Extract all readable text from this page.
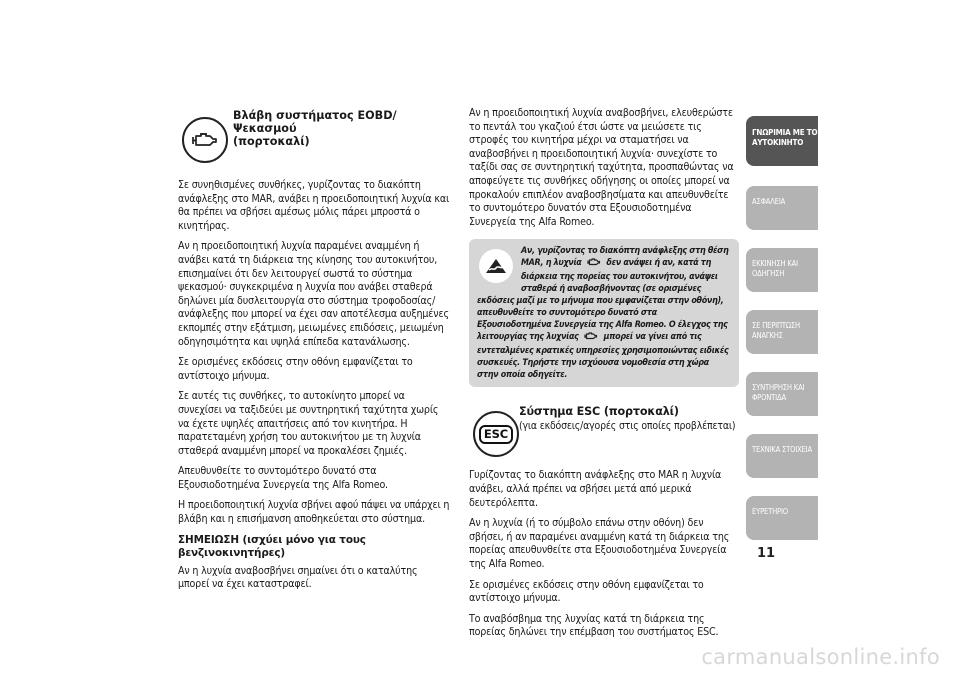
Βλάβη συστήματος EOBD/Ψεκασμού
(πορτοκαλί)

Σε συνηθισμένες συνθήκες, γυρίζοντας το διακόπτη ανάφλεξης στο MAR, ανάβει η προειδοποιητική λυχνία και θα πρέπει να σβήσει αμέσως μόλις πάρει μπροστά ο κινητήρας.

Αν η προειδοποιητική λυχνία παραμένει αναμμένη ή ανάβει κατά τη διάρκεια της κίνησης του αυτοκινήτου, επισημαίνει ότι δεν λειτουργεί σωστά το σύστημα ψεκασμού· συγκεκριμένα η λυχνία που ανάβει σταθερά δηλώνει μία δυσλειτουργία στο σύστημα τροφοδοσίας/ ανάφλεξης που μπορεί να έχει σαν αποτέλεσμα αυξημένες εκπομπές στην εξάτμιση, μειωμένες επιδόσεις, μειωμένη οδηγησιμότητα και υψηλά επίπεδα κατανάλωσης.

Σε ορισμένες εκδόσεις στην οθόνη εμφανίζεται το αντίστοιχο μήνυμα.

Σε αυτές τις συνθήκες, το αυτοκίνητο μπορεί να συνεχίσει να ταξιδεύει με συντηρητική ταχύτητα χωρίς να έχετε υψηλές απαιτήσεις από τον κινητήρα. Η παρατεταμένη χρήση του αυτοκινήτου με τη λυχνία σταθερά αναμμένη μπορεί να προκαλέσει ζημιές.

Απευθυνθείτε το συντομότερο δυνατό στα Εξουσιοδοτημένα Συνεργεία της Alfa Romeo.

Η προειδοποιητική λυχνία σβήνει αφού πάψει να υπάρχει η βλάβη και η επισήμανση αποθηκεύεται στο σύστημα.

ΣΗΜΕΙΩΣΗ (ισχύει μόνο για τους βενζινοκινητήρες)

Αν η λυχνία αναβοσβήνει σημαίνει ότι ο καταλύτης μπορεί να έχει καταστραφεί.

Αν η προειδοποιητική λυχνία αναβοσβήνει, ελευθερώστε το πεντάλ του γκαζιού έτσι ώστε να μειώσετε τις στροφές του κινητήρα μέχρι να σταματήσει να αναβοσβήνει η προειδοποιητική λυχνία· συνεχίστε το ταξίδι σας σε συντηρητική ταχύτητα, προσπαθώντας να αποφεύγετε τις συνθήκες οδήγησης οι οποίες μπορεί να προκαλούν επιπλέον αναβοσβησίματα και απευθυνθείτε το συντομότερο δυνατόν στα Εξουσιοδοτημένα Συνεργεία της Alfa Romeo.

Αν, γυρίζοντας το διακόπτη ανάφλεξης στη θέση MAR, η λυχνία	δεν ανάψει ή αν, κατά τη διάρκεια της πορείας του αυτοκινήτου, ανάψει σταθερά ή αναβοσβήνοντας (σε ορισμένες εκδόσεις μαζί με το μήνυμα που εμφανίζεται στην οθόνη), απευθυνθείτε το συντομότερο δυνατό στα Εξουσιοδοτημένα Συνεργεία της Alfa Romeo. Ο έλεγχος της λειτουργίας της λυχνίας	μπορεί να γίνει από τις εντεταλμένες κρατικές υπηρεσίες χρησιμοποιώντας ειδικές συσκευές. Τηρήστε την ισχύουσα νομοθεσία στη χώρα στην οποία οδηγείτε.
ESC
Σύστημα ESC (πορτοκαλί)
(για εκδόσεις/αγορές στις οποίες προβλέπεται)

Γυρίζοντας το διακόπτη ανάφλεξης στο MAR η λυχνία ανάβει, αλλά πρέπει να σβήσει μετά από μερικά δευτερόλεπτα.

Αν η λυχνία (ή το σύμβολο επάνω στην οθόνη) δεν σβήσει, ή αν παραμένει αναμμένη κατά τη διάρκεια της πορείας απευθυνθείτε στα Εξουσιοδοτημένα Συνεργεία της Alfa Romeo.

Σε ορισμένες εκδόσεις στην οθόνη εμφανίζεται το αντίστοιχο μήνυμα.

Το αναβόσβημα της λυχνίας κατά τη διάρκεια της πορείας δηλώνει την επέμβαση του συστήματος ESC.

ΓΝΩΡΙΜΙΑ ΜΕ ΤΟ
ΑΥΤΟΚΙΝΗΤΟ
ΑΣΦΑΛΕΙΑ
ΕΚΚΙΝΗΣΗ ΚΑΙ
ΟΔΗΓΗΣΗ
ΣΕ ΠΕΡΙΠΤΩΣΗ
ΑΝΑΓΚΗΣ
ΣΥΝΤΗΡΗΣΗ ΚΑΙ
ΦΡΟΝΤΙΔΑ
ΤΕΧΝΙΚΑ ΣΤΟΙΧΕΙΑ
ΕΥΡΕΤΗΡΙΟ
11
carmanualsonline.info
